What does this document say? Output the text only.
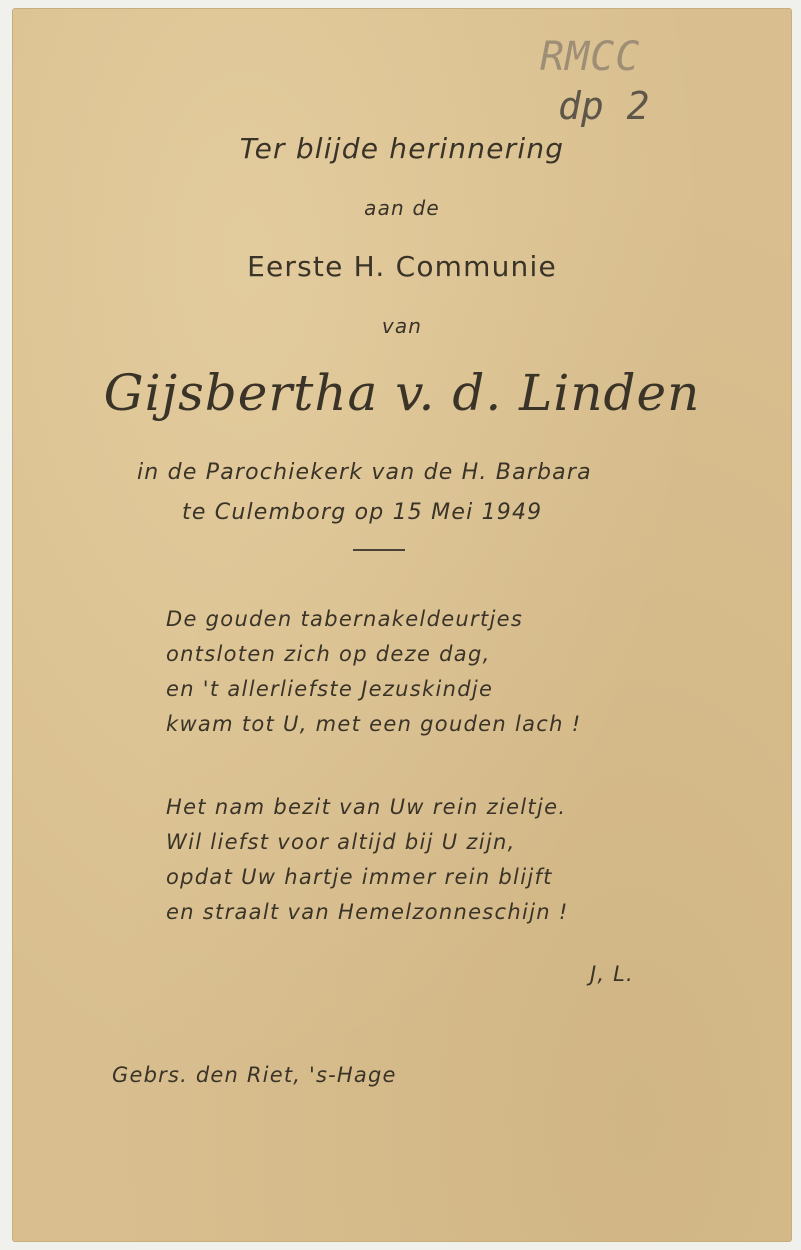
RMCC
dp 2
Ter blijde herinnering
aan de
Eerste H. Communie
van
Gijsbertha v. d. Linden
in de Parochiekerk van de H. Barbara
te Culemborg op 15 Mei 1949
De gouden tabernakeldeurtjes
ontsloten zich op deze dag,
en 't allerliefste Jezuskindje
kwam tot U, met een gouden lach !
Het nam bezit van Uw rein zieltje.
Wil liefst voor altijd bij U zijn,
opdat Uw hartje immer rein blijft
en straalt van Hemelzonneschijn !
J, L.
Gebrs. den Riet, 's-Hage
